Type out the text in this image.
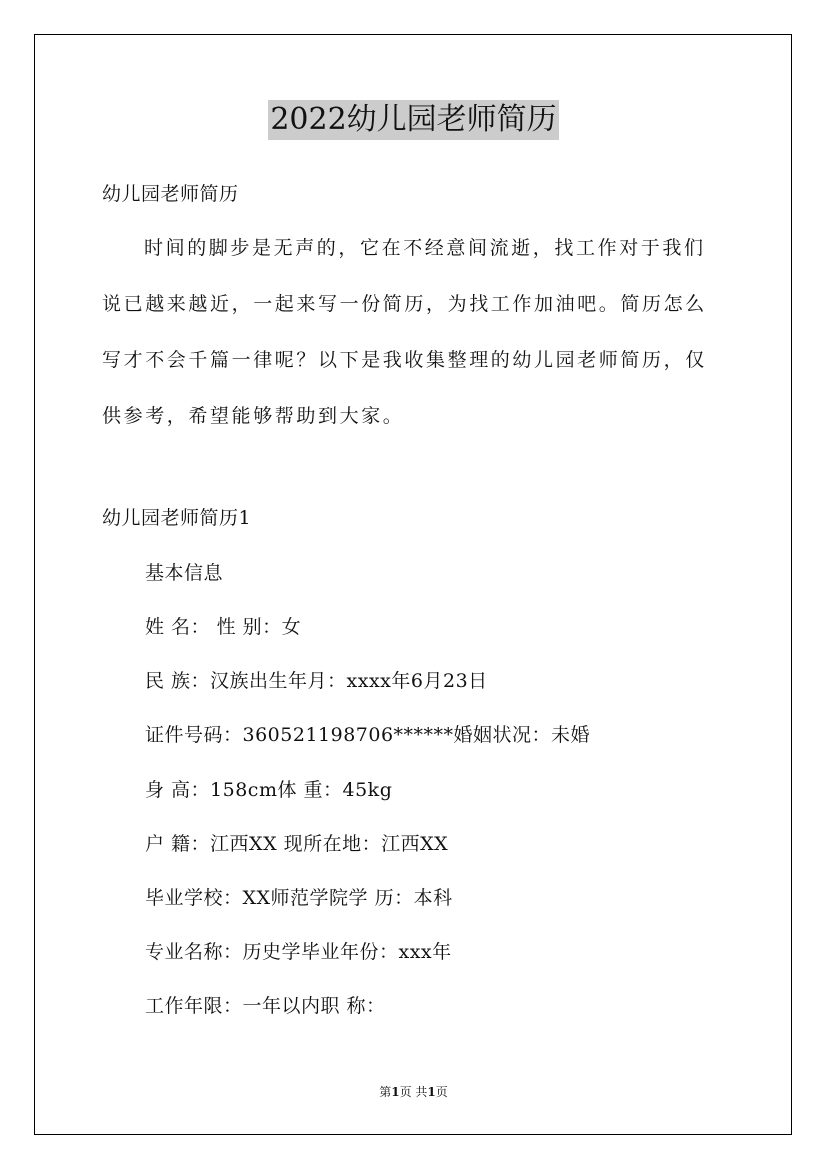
2022幼儿园老师简历
幼儿园老师简历
时间的脚步是无声的，它在不经意间流逝，找工作对于我们说已越来越近，一起来写一份简历，为找工作加油吧。简历怎么写才不会千篇一律呢？以下是我收集整理的幼儿园老师简历，仅供参考，希望能够帮助到大家。
幼儿园老师简历1
基本信息
姓 名： 性 别：女
民 族：汉族出生年月：xxxx年6月23日
证件号码：360521198706******婚姻状况：未婚
身 高：158cm体 重：45kg
户 籍：江西XX 现所在地：江西XX
毕业学校：XX师范学院学 历：本科
专业名称：历史学毕业年份：xxx年
工作年限：一年以内职 称：
第1页 共1页
